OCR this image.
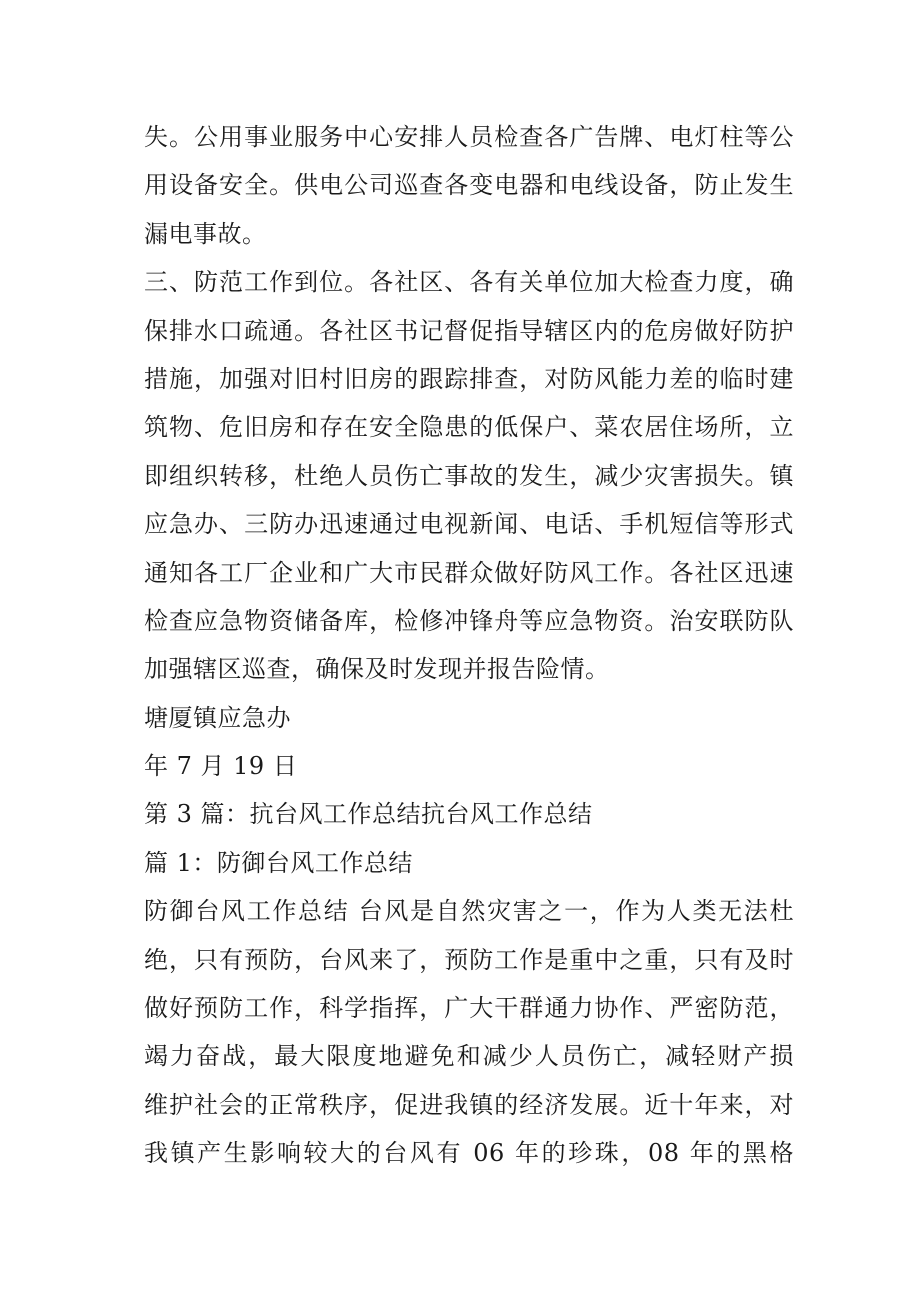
失。公用事业服务中心安排人员检查各广告牌、电灯柱等公
用设备安全。供电公司巡查各变电器和电线设备，防止发生
漏电事故。
三、防范工作到位。各社区、各有关单位加大检查力度，确
保排水口疏通。各社区书记督促指导辖区内的危房做好防护
措施，加强对旧村旧房的跟踪排查，对防风能力差的临时建
筑物、危旧房和存在安全隐患的低保户、菜农居住场所，立
即组织转移，杜绝人员伤亡事故的发生，减少灾害损失。镇
应急办、三防办迅速通过电视新闻、电话、手机短信等形式
通知各工厂企业和广大市民群众做好防风工作。各社区迅速
检查应急物资储备库，检修冲锋舟等应急物资。治安联防队
加强辖区巡查，确保及时发现并报告险情。
塘厦镇应急办
年 7 月 19 日
第 3 篇：抗台风工作总结抗台风工作总结
篇 1：防御台风工作总结
防御台风工作总结 台风是自然灾害之一，作为人类无法杜
绝，只有预防，台风来了，预防工作是重中之重，只有及时
做好预防工作，科学指挥，广大干群通力协作、严密防范，
竭力奋战，最大限度地避免和减少人员伤亡，减轻财产损
维护社会的正常秩序，促进我镇的经济发展。近十年来，对
我镇产生影响较大的台风有 06 年的珍珠，08 年的黑格
